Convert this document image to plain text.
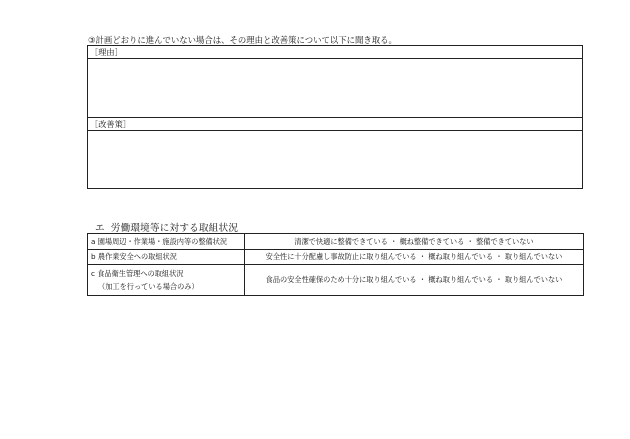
③計画どおりに進んでいない場合は、その理由と改善策について以下に聞き取る。
［理由］
［改善策］
エ 労働環境等に対する取組状況
a 園場周辺・作業場・施設内等の整備状況	清潔で快適に整備できている ・ 概ね整備できている ・ 整備できていない
b 農作業安全への取組状況	安全性に十分配慮し事故防止に取り組んでいる ・ 概ね取り組んでいる ・ 取り組んでいない
c 食品衛生管理への取組状況
（加工を行っている場合のみ）	食品の安全性確保のため十分に取り組んでいる ・ 概ね取り組んでいる ・ 取り組んでいない
